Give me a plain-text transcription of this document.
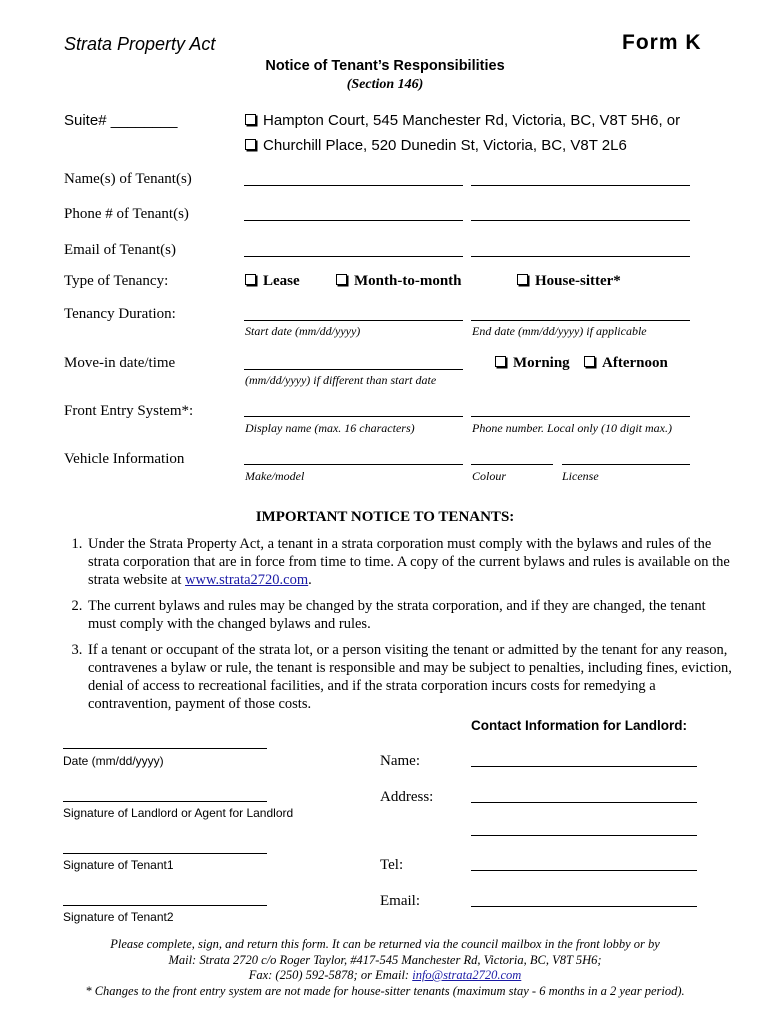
Strata Property Act	Form K
Notice of Tenant’s Responsibilities
(Section 146)
Suite# ________	Hampton Court, 545 Manchester Rd, Victoria, BC, V8T 5H6, or
Churchill Place, 520 Dunedin St, Victoria, BC, V8T 2L6
Name(s) of Tenant(s)
Phone # of Tenant(s)
Email of Tenant(s)
Type of Tenancy:	Lease	Month-to-month	House-sitter*
Tenancy Duration:
Start date (mm/dd/yyyy)	End date (mm/dd/yyyy) if applicable
Move-in date/time
(mm/dd/yyyy) if different than start date
Morning	Afternoon
Front Entry System*:
Display name (max. 16 characters)	Phone number. Local only (10 digit max.)
Vehicle Information
Make/model	Colour	License
IMPORTANT NOTICE TO TENANTS:
1. Under the Strata Property Act, a tenant in a strata corporation must comply with the bylaws and rules of the strata corporation that are in force from time to time. A copy of the current bylaws and rules is available on the strata website at www.strata2720.com.
2. The current bylaws and rules may be changed by the strata corporation, and if they are changed, the tenant must comply with the changed bylaws and rules.
3. If a tenant or occupant of the strata lot, or a person visiting the tenant or admitted by the tenant for any reason, contravenes a bylaw or rule, the tenant is responsible and may be subject to penalties, including fines, eviction, denial of access to recreational facilities, and if the strata corporation incurs costs for remedying a contravention, payment of those costs.
Contact Information for Landlord:
Date (mm/dd/yyyy)
Signature of Landlord or Agent for Landlord
Signature of Tenant1
Signature of Tenant2
Name:
Address:
Tel:
Email:
Please complete, sign, and return this form. It can be returned via the council mailbox in the front lobby or by
Mail: Strata 2720 c/o Roger Taylor, #417-545 Manchester Rd, Victoria, BC, V8T 5H6;
Fax: (250) 592-5878; or Email: info@strata2720.com
* Changes to the front entry system are not made for house-sitter tenants (maximum stay - 6 months in a 2 year period).
